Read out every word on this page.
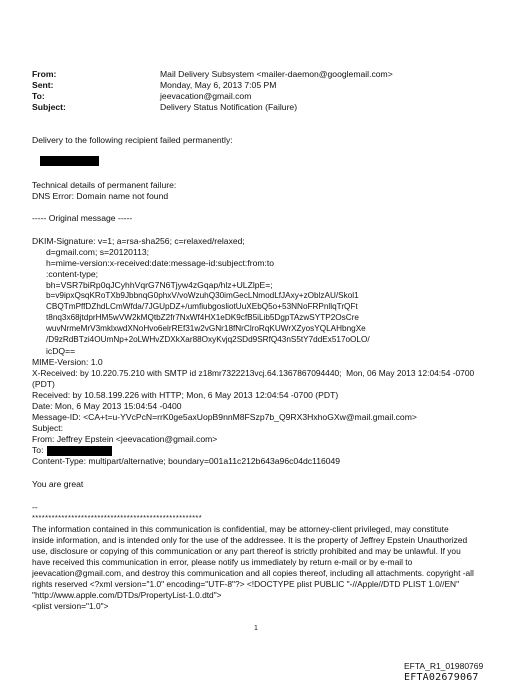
From:	Mail Delivery Subsystem <mailer-daemon@googlemail.com>
Sent:	Monday, May 6, 2013 7:05 PM
To:	jeevacation@gmail.com
Subject:	Delivery Status Notification (Failure)
Delivery to the following recipient failed permanently:
Technical details of permanent failure:
DNS Error: Domain name not found
----- Original message -----
DKIM-Signature: v=1; a=rsa-sha256; c=relaxed/relaxed;
d=gmail.com; s=20120113;
h=mime-version:x-received:date:message-id:subject:from:to
:content-type;
bh=VSR7biRp0qJCyhhVqrG7N6Tjyw4zGqap/hlz+ULZlpE=;
b=v9ipxQsqKRoTXb9JbbnqG0phxV/voWzuhQ30imGecLNmodLfJAxy+zOblzAU/Skol1
CBQTmPffDZhdLCmWfda/7JGUpDZ+/umfiubgosliotUuXEbQ5o+53NNoFRPnllqTrQFt
t8nq3x68jtdprHM5wVW2kMQtbZ2fr7NxWf4HX1eDK9cfB5iLib5DgpTAzwSYTP2OsCre
wuvNrmeMrV3mklxwdXNoHvo6elrREf31w2vGNr18fNrClroRqKUWrXZyosYQLAHbngXe
/D9zRdBTzi4OUmNp+2oLWHvZDXkXar88OxyKvjq2SDd9SRfQ43nS5tY7ddEx517oOLO/
icDQ==
MIME-Version: 1.0
X-Received: by 10.220.75.210 with SMTP id z18mr7322213vcj.64.1367867094440;  Mon, 06 May 2013 12:04:54 -0700
(PDT)
Received: by 10.58.199.226 with HTTP; Mon, 6 May 2013 12:04:54 -0700 (PDT)
Date: Mon, 6 May 2013 15:04:54 -0400
Message-ID: <CA+t=u-YVcPcN=rrK0ge5axUopB9nnM8FSzp7b_Q9RX3HxhoGXw@mail.gmail.com>
Subject:
From: Jeffrey Epstein <jeevacation@gmail.com>
To:
Content-Type: multipart/alternative; boundary=001a11c212b643a96c04dc116049
You are great
--
****************************************************
The information contained in this communication is confidential, may be attorney-client privileged, may constitute
inside information, and is intended only for the use of the addressee. It is the property of Jeffrey Epstein Unauthorized
use, disclosure or copying of this communication or any part thereof is strictly prohibited and may be unlawful. If you
have received this communication in error, please notify us immediately by return e-mail or by e-mail to
jeevacation@gmail.com, and destroy this communication and all copies thereof, including all attachments. copyright -all
rights reserved <?xml version="1.0" encoding="UTF-8"?> <!DOCTYPE plist PUBLIC "-//Apple//DTD PLIST 1.0//EN"
"http://www.apple.com/DTDs/PropertyList-1.0.dtd">
<plist version="1.0">
1
EFTA_R1_01980769
EFTA02679067
